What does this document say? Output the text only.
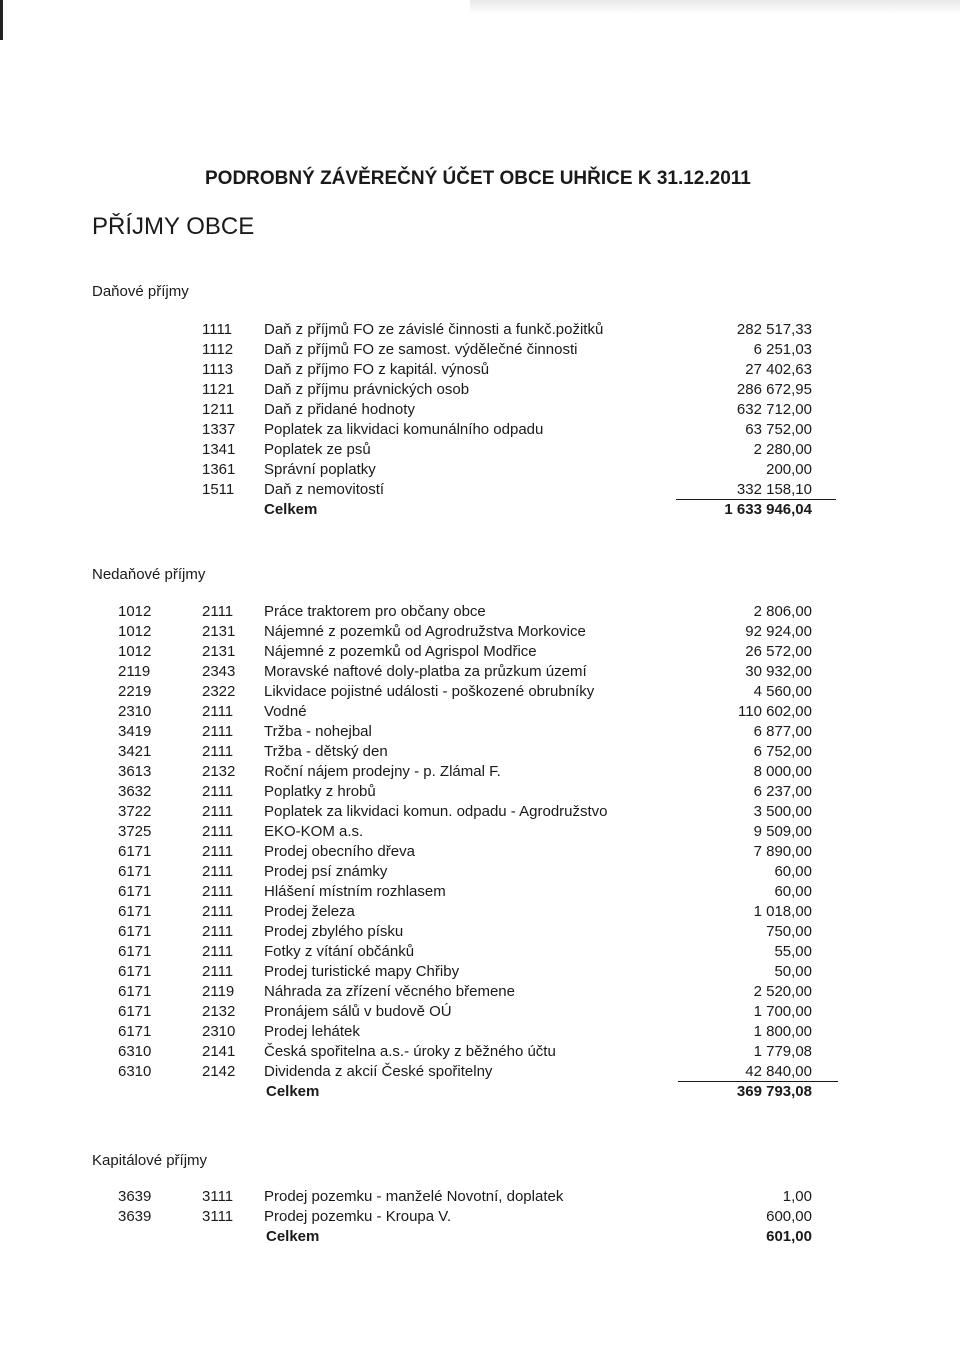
PODROBNÝ ZÁVĚREČNÝ ÚČET OBCE UHŘICE K 31.12.2011
PŘÍJMY OBCE
Daňové příjmy
1111 Daň z příjmů FO ze závislé činnosti a funkč.požitků	282 517,33
1112 Daň z příjmů FO ze samost. výdělečné činnosti	6 251,03
1113 Daň z příjmo FO z kapitál. výnosů	27 402,63
1121 Daň z příjmu právnických osob	286 672,95
1211 Daň z přidané hodnoty	632 712,00
1337 Poplatek za likvidaci komunálního odpadu	63 752,00
1341 Poplatek ze psů	2 280,00
1361 Správní poplatky	200,00
1511 Daň z nemovitostí	332 158,10
Celkem	1 633 946,04
Nedaňové příjmy
1012	2111 Práce traktorem pro občany obce	2 806,00
1012	2131 Nájemné z pozemků od Agrodružstva Morkovice	92 924,00
1012	2131 Nájemné z pozemků od Agrispol Modřice	26 572,00
2119	2343 Moravské naftové doly-platba za průzkum území	30 932,00
2219	2322 Likvidace pojistné události - poškozené obrubníky	4 560,00
2310	2111 Vodné	110 602,00
3419	2111 Tržba - nohejbal	6 877,00
3421	2111 Tržba - dětský den	6 752,00
3613	2132 Roční nájem prodejny - p. Zlámal F.	8 000,00
3632	2111 Poplatky z hrobů	6 237,00
3722	2111 Poplatek za likvidaci komun. odpadu - Agrodružstvo	3 500,00
3725	2111 EKO-KOM a.s.	9 509,00
6171	2111 Prodej obecního dřeva	7 890,00
6171	2111 Prodej psí známky	60,00
6171	2111 Hlášení místním rozhlasem	60,00
6171	2111 Prodej železa	1 018,00
6171	2111 Prodej zbylého písku	750,00
6171	2111 Fotky z vítání občánků	55,00
6171	2111 Prodej turistické mapy Chřiby	50,00
6171	2119 Náhrada za zřízení věcného břemene	2 520,00
6171	2132 Pronájem sálů v budově OÚ	1 700,00
6171	2310 Prodej lehátek	1 800,00
6310	2141 Česká spořitelna a.s.- úroky z běžného účtu	1 779,08
6310	2142 Dividenda z akcií České spořitelny	42 840,00
Celkem	369 793,08
Kapitálové příjmy
3639	3111 Prodej pozemku - manželé Novotní, doplatek	1,00
3639	3111 Prodej pozemku - Kroupa V.	600,00
Celkem	601,00
